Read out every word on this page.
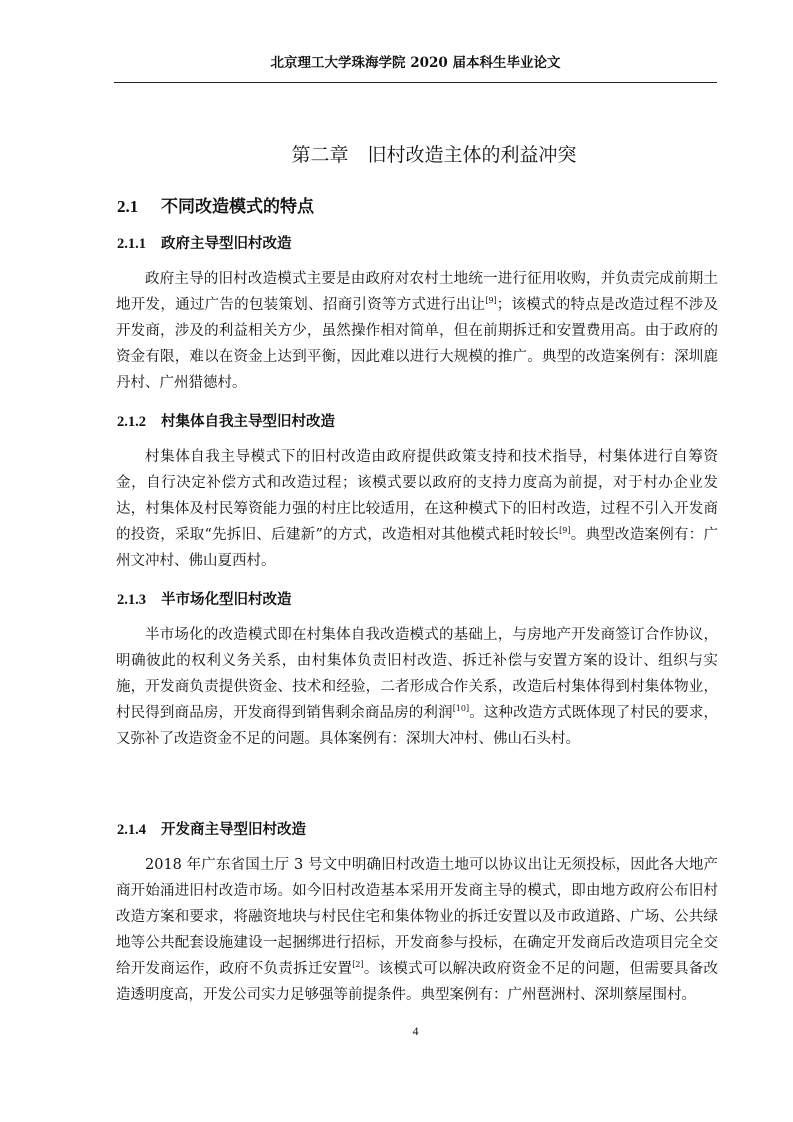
北京理工大学珠海学院 2020 届本科生毕业论文
第二章　旧村改造主体的利益冲突
2.1 不同改造模式的特点
2.1.1 政府主导型旧村改造

政府主导的旧村改造模式主要是由政府对农村土地统一进行征用收购，并负责完成前期土地开发，通过广告的包装策划、招商引资等方式进行出让[9]；该模式的特点是改造过程不涉及开发商，涉及的利益相关方少，虽然操作相对简单，但在前期拆迁和安置费用高。由于政府的资金有限，难以在资金上达到平衡，因此难以进行大规模的推广。典型的改造案例有：深圳鹿丹村、广州猎德村。

2.1.2 村集体自我主导型旧村改造

村集体自我主导模式下的旧村改造由政府提供政策支持和技术指导，村集体进行自筹资金，自行决定补偿方式和改造过程；该模式要以政府的支持力度高为前提，对于村办企业发达，村集体及村民筹资能力强的村庄比较适用，在这种模式下的旧村改造，过程不引入开发商的投资，采取“先拆旧、后建新”的方式，改造相对其他模式耗时较长[9]。典型改造案例有：广州文冲村、佛山夏西村。

2.1.3 半市场化型旧村改造

半市场化的改造模式即在村集体自我改造模式的基础上，与房地产开发商签订合作协议，明确彼此的权利义务关系，由村集体负责旧村改造、拆迁补偿与安置方案的设计、组织与实施，开发商负责提供资金、技术和经验，二者形成合作关系，改造后村集体得到村集体物业，村民得到商品房，开发商得到销售剩余商品房的利润[10]。这种改造方式既体现了村民的要求，又弥补了改造资金不足的问题。具体案例有：深圳大冲村、佛山石头村。

2.1.4 开发商主导型旧村改造

2018 年广东省国土厅 3 号文中明确旧村改造土地可以协议出让无须投标，因此各大地产商开始涌进旧村改造市场。如今旧村改造基本采用开发商主导的模式，即由地方政府公布旧村改造方案和要求，将融资地块与村民住宅和集体物业的拆迁安置以及市政道路、广场、公共绿地等公共配套设施建设一起捆绑进行招标，开发商参与投标，在确定开发商后改造项目完全交给开发商运作，政府不负责拆迁安置[2]。该模式可以解决政府资金不足的问题，但需要具备改造透明度高，开发公司实力足够强等前提条件。典型案例有：广州琶洲村、深圳蔡屋围村。

4
